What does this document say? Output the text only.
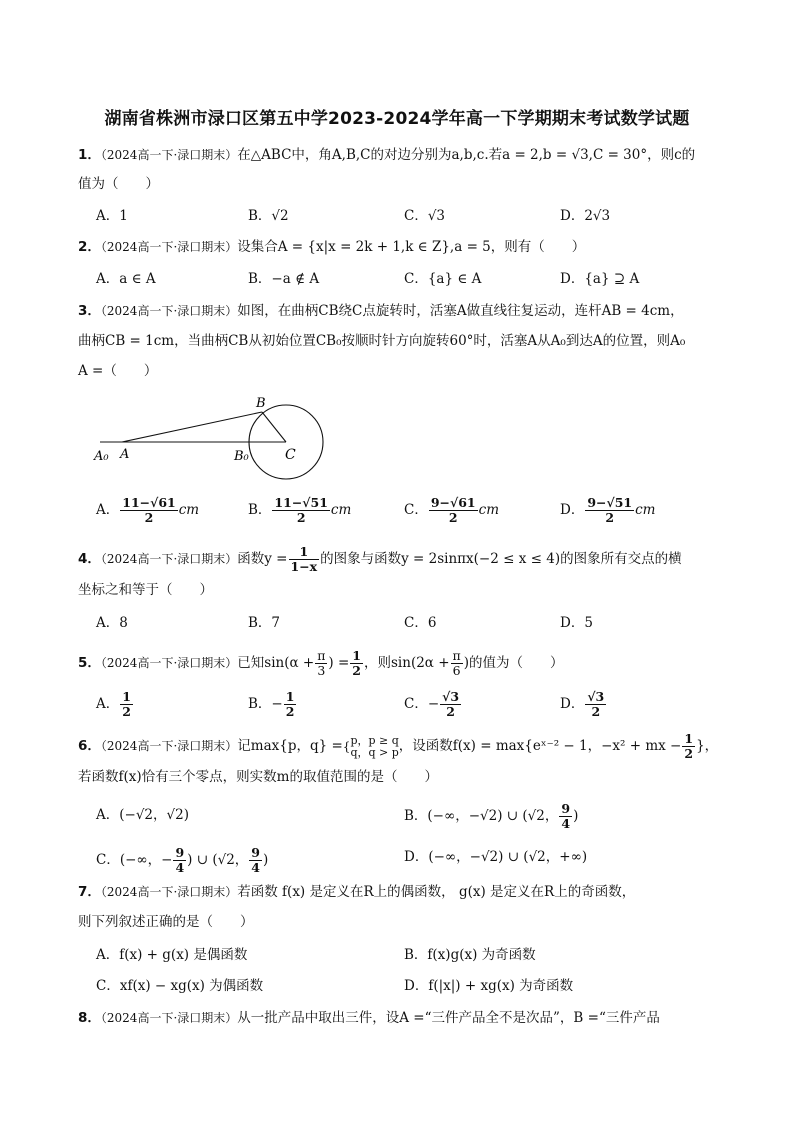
湖南省株洲市渌口区第五中学2023-2024学年高一下学期期末考试数学试题
1．（2024高一下·渌口期末）在△ABC中，角A,B,C的对边分别为a,b,c.若a = 2,b = √3,C = 30°，则c的
值为（　　）
A．1	B．√2	C．√3	D．2√3
2．（2024高一下·渌口期末）设集合A = {x|x = 2k + 1,k ∈ Z},a = 5，则有（　　）
A．a ∈ A	B．−a ∉ A	C．{a} ∈ A	D．{a} ⊇ A
3．（2024高一下·渌口期末）如图，在曲柄CB绕C点旋转时，活塞A做直线往复运动，连杆AB = 4cm，
曲柄CB = 1cm，当曲柄CB从初始位置CB₀按顺时针方向旋转60°时，活塞A从A₀到达A的位置，则A₀
A =（　　）
B
A₀ A	B₀	C
A． $\frac{11-√61}{2}$ cm	B． $\frac{11-√51}{2}$ cm	C． $\frac{9-√61}{2}$ cm	D． $\frac{9-√51}{2}$ cm
4．（2024高一下·渌口期末）函数$y = \frac{1}{1-x}$ 的图象与函数y = 2sinπx(−2 ≤ x ≤ 4)的图象所有交点的横
坐标之和等于（　　）
A．8	B．7	C．6	D．5
5．（2024高一下·渌口期末）已知$\sin(\alpha + \frac{\pi}{3}$ ) = $\frac{1}{2}$ ，则$\sin(2\alpha + \frac{\pi}{6}$ )的值为（　　）
A． $\frac{1}{2}$	B．− $\frac{1}{2}$	C．− $\frac{√3}{2}$	D． $\frac{√3}{2}$
6．（2024高一下·渌口期末）记max{p，q} ={ p，p ≥ q
q，q > p ，设函数f(x) = max{eˣ⁻² − 1，−x² + mx − $\frac{1}{2}$ }，
若函数f(x)恰有三个零点，则实数m的取值范围的是（　　）
A．(−√2，√2)	B．(−∞，−√2) ∪ (√2， $\frac{9}{4}$ )
C．(−∞，− $\frac{9}{4}$ ) ∪ (√2， $\frac{9}{4}$ )	D．(−∞，−√2) ∪ (√2，+∞)
7．（2024高一下·渌口期末）若函数 f(x) 是定义在R上的偶函数， g(x) 是定义在R上的奇函数，
则下列叙述正确的是（　　）
A．f(x) + g(x) 是偶函数	B．f(x)g(x) 为奇函数
C．xf(x) − xg(x) 为偶函数	D．f(|x|) + xg(x) 为奇函数
8．（2024高一下·渌口期末）从一批产品中取出三件，设A =“三件产品全不是次品”，B =“三件产品
